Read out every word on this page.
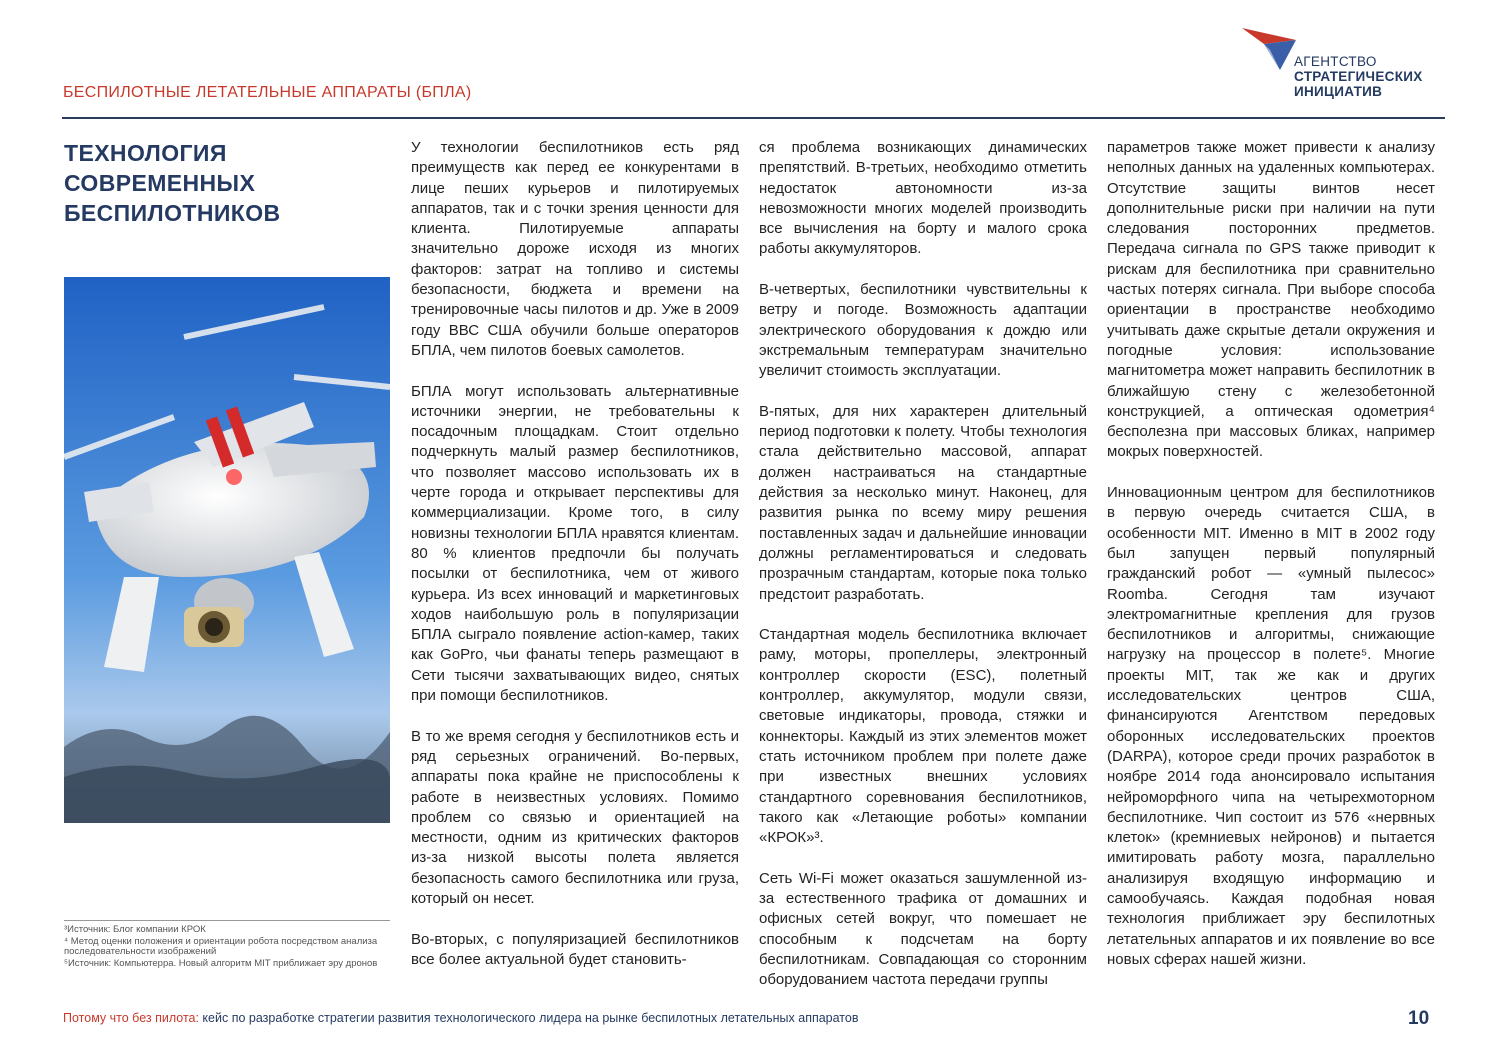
БЕСПИЛОТНЫЕ ЛЕТАТЕЛЬНЫЕ АППАРАТЫ (БПЛА)
АГЕНТСТВО
СТРАТЕГИЧЕСКИХ
ИНИЦИАТИВ
ТЕХНОЛОГИЯ
СОВРЕМЕННЫХ
БЕСПИЛОТНИКОВ
³Источник: Блог компании КРОК
⁴ Метод оценки положения и ориентации робота посредством анализа последовательности изображений
⁵Источник: Компьютерра. Новый алгоритм MIT приближает эру дронов

У технологии беспилотников есть ряд преимуществ как перед ее конкурентами в лице пеших курьеров и пилотируемых аппаратов, так и с точки зрения ценности для клиента. Пилотируемые аппараты значительно дороже исходя из многих факторов: затрат на топливо и системы безопасности, бюджета и времени на тренировочные часы пилотов и др. Уже в 2009 году ВВС США обучили больше операторов БПЛА, чем пилотов боевых самолетов.

БПЛА могут использовать альтернативные источники энергии, не требовательны к посадочным площадкам. Стоит отдельно подчеркнуть малый размер беспилотников, что позволяет массово использовать их в черте города и открывает перспективы для коммерциализации. Кроме того, в силу новизны технологии БПЛА нравятся клиентам. 80 % клиентов предпочли бы получать посылки от беспилотника, чем от живого курьера. Из всех инноваций и маркетинговых ходов наибольшую роль в популяризации БПЛА сыграло появление action-камер, таких как GoPro, чьи фанаты теперь размещают в Сети тысячи захватывающих видео, снятых при помощи беспилотников.

В то же время сегодня у беспилотников есть и ряд серьезных ограничений. Во-первых, аппараты пока крайне не приспособлены к работе в неизвестных условиях. Помимо проблем со связью и ориентацией на местности, одним из критических факторов из-за низкой высоты полета является безопасность самого беспилотника или груза, который он несет.

Во-вторых, с популяризацией беспилотников все более актуальной будет становить-

ся проблема возникающих динамических препятствий. В-третьих, необходимо отметить недостаток автономности из-за невозможности многих моделей производить все вычисления на борту и малого срока работы аккумуляторов.

В-четвертых, беспилотники чувствительны к ветру и погоде. Возможность адаптации электрического оборудования к дождю или экстремальным температурам значительно увеличит стоимость эксплуатации.

В-пятых, для них характерен длительный период подготовки к полету. Чтобы технология стала действительно массовой, аппарат должен настраиваться на стандартные действия за несколько минут. Наконец, для развития рынка по всему миру решения поставленных задач и дальнейшие инновации должны регламентироваться и следовать прозрачным стандартам, которые пока только предстоит разработать.

Стандартная модель беспилотника включает раму, моторы, пропеллеры, электронный контроллер скорости (ESC), полетный контроллер, аккумулятор, модули связи, световые индикаторы, провода, стяжки и коннекторы. Каждый из этих элементов может стать источником проблем при полете даже при известных внешних условиях стандартного соревнования беспилотников, такого как «Летающие роботы» компании «КРОК»³.

Сеть Wi-Fi может оказаться зашумленной из-за естественного трафика от домашних и офисных сетей вокруг, что помешает не способным к подсчетам на борту беспилотникам. Совпадающая со сторонним оборудованием частота передачи группы

параметров также может привести к анализу неполных данных на удаленных компьютерах. Отсутствие защиты винтов несет дополнительные риски при наличии на пути следования посторонних предметов. Передача сигнала по GPS также приводит к рискам для беспилотника при сравнительно частых потерях сигнала. При выборе способа ориентации в пространстве необходимо учитывать даже скрытые детали окружения и погодные условия: использование магнитометра может направить беспилотник в ближайшую стену с железобетонной конструкцией, а оптическая одометрия⁴ бесполезна при массовых бликах, например мокрых поверхностей.

Инновационным центром для беспилотников в первую очередь считается США, в особенности MIT. Именно в MIT в 2002 году был запущен первый популярный гражданский робот — «умный пылесос» Roomba. Сегодня там изучают электромагнитные крепления для грузов беспилотников и алгоритмы, снижающие нагрузку на процессор в полете⁵. Многие проекты MIT, так же как и других исследовательских центров США, финансируются Агентством передовых оборонных исследовательских проектов (DARPA), которое среди прочих разработок в ноябре 2014 года анонсировало испытания нейроморфного чипа на четырехмоторном беспилотнике. Чип состоит из 576 «нервных клеток» (кремниевых нейронов) и пытается имитировать работу мозга, параллельно анализируя входящую информацию и самообучаясь. Каждая подобная новая технология приближает эру беспилотных летательных аппаратов и их появление во все новых сферах нашей жизни.

Потому что без пилота: кейс по разработке стратегии развития технологического лидера на рынке беспилотных летательных аппаратов	10
